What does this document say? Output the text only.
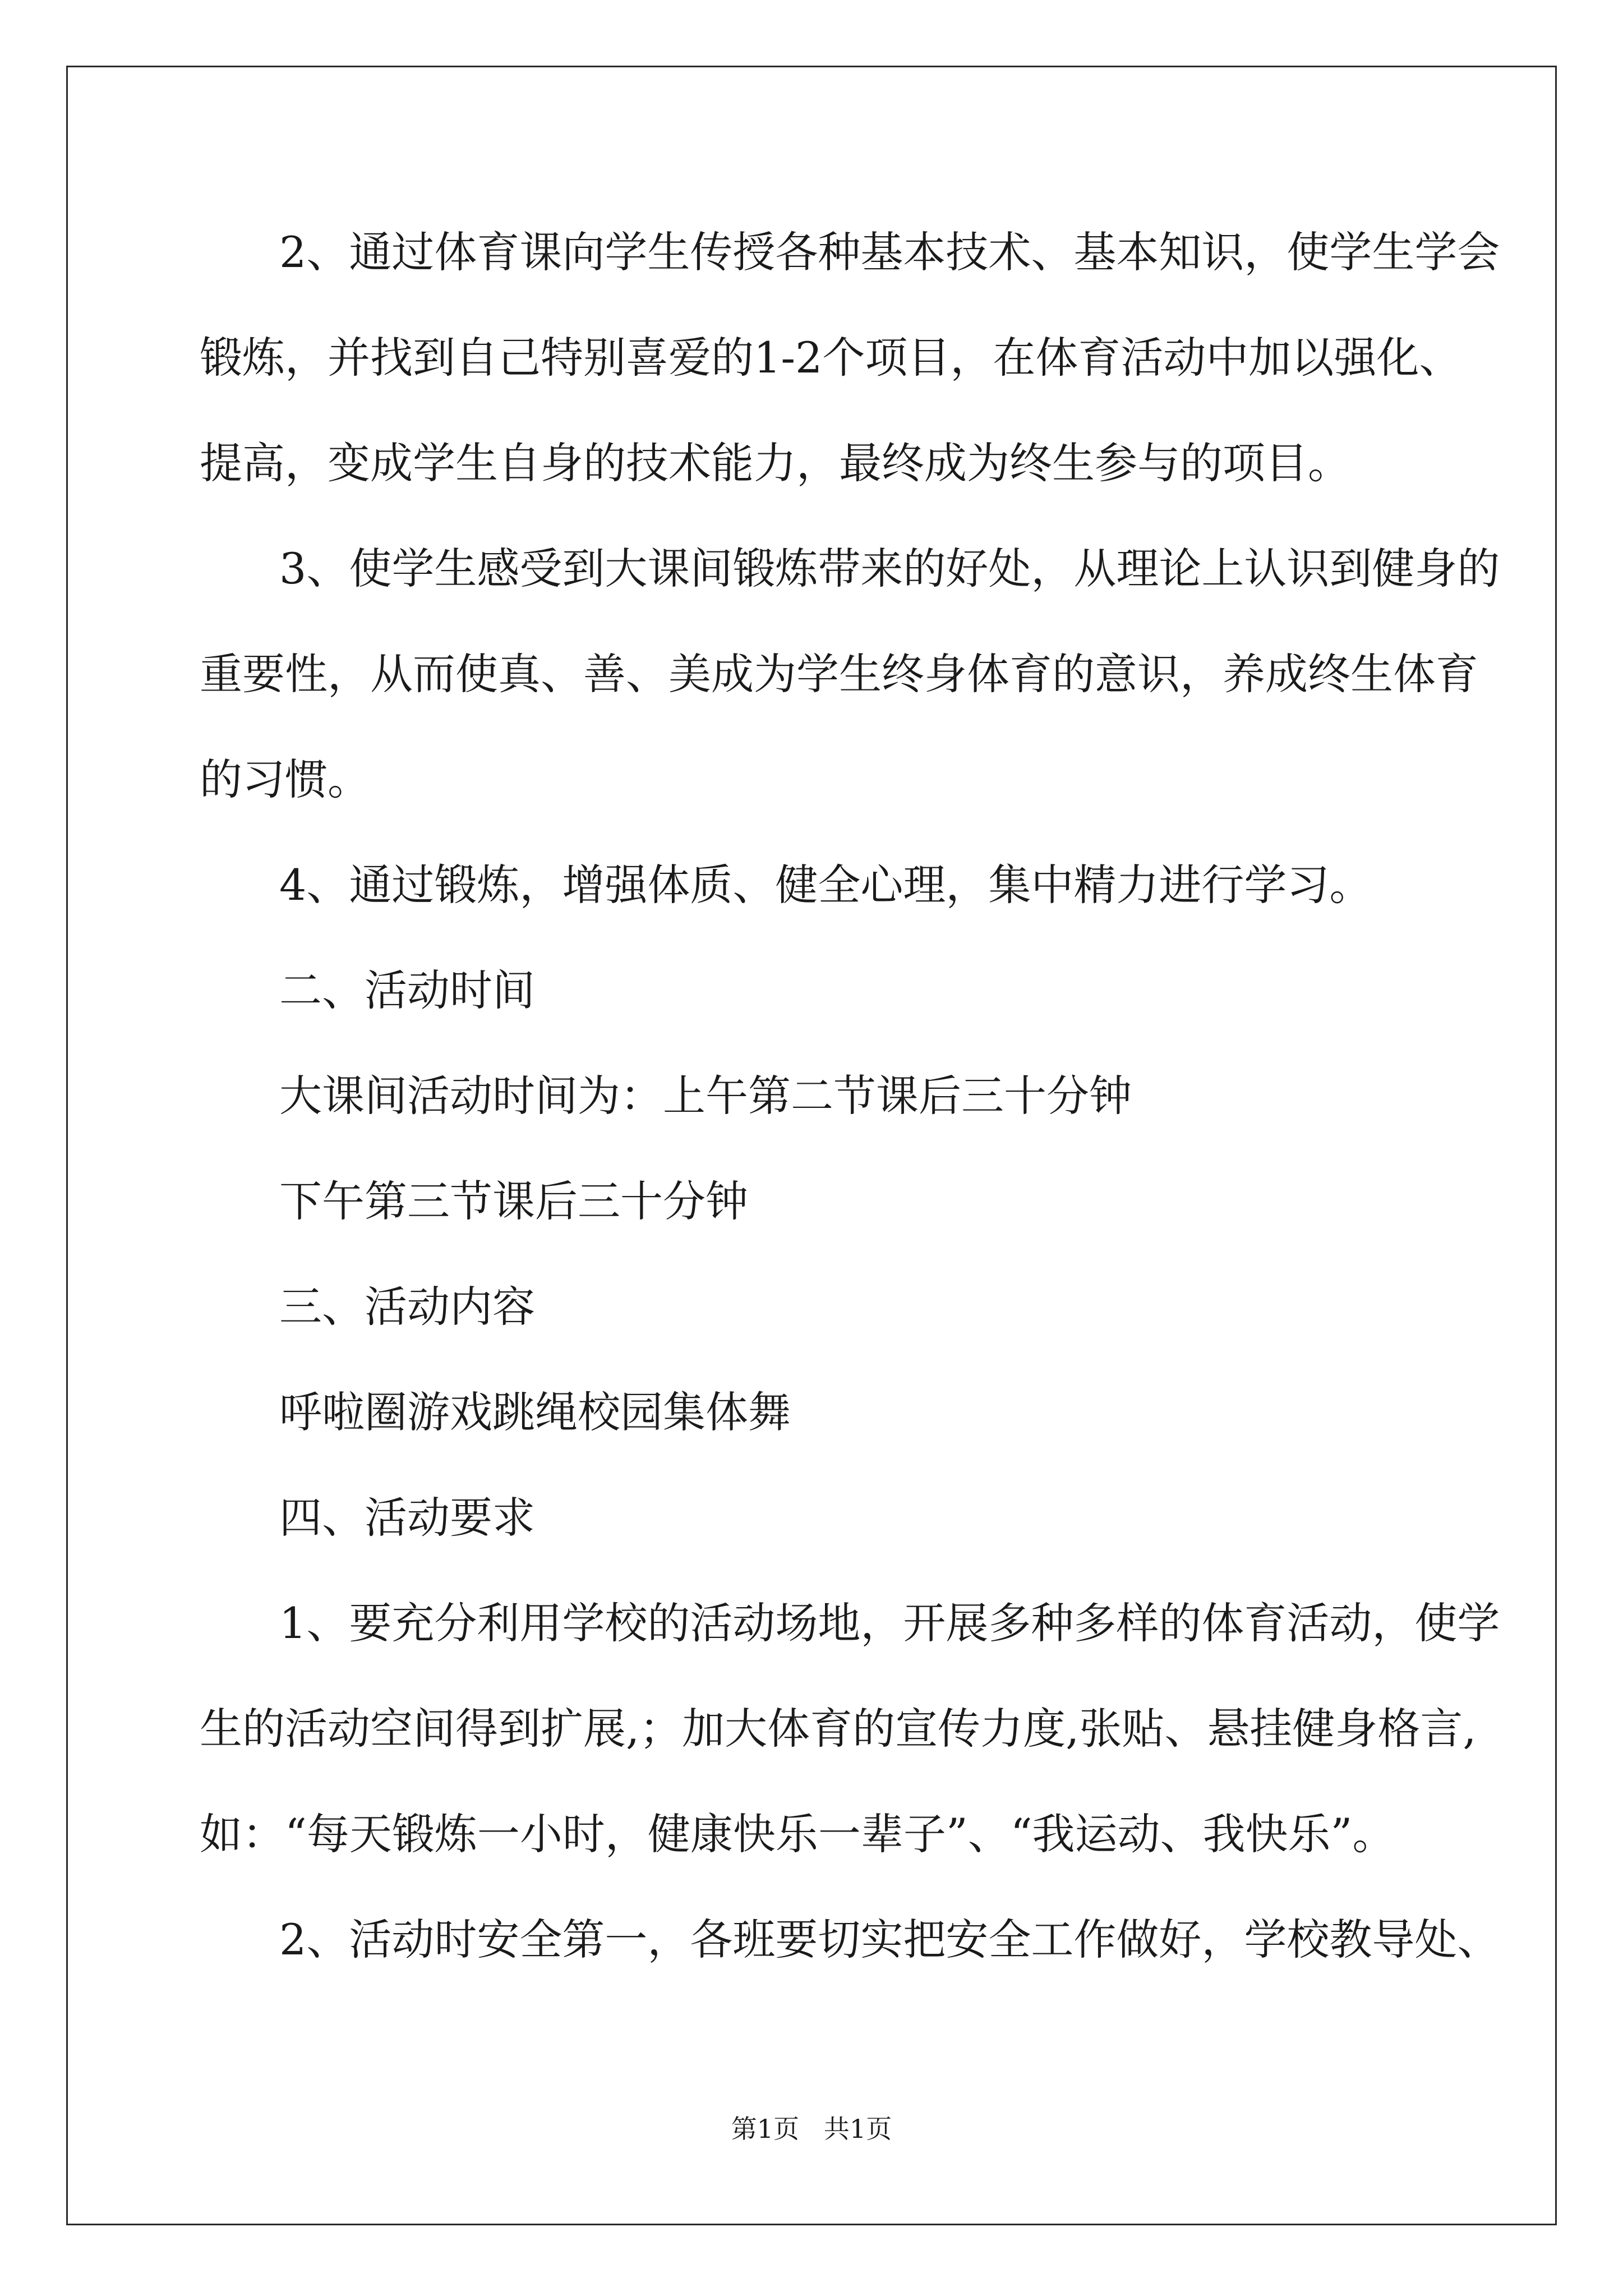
2、通过体育课向学生传授各种基本技术、基本知识，使学生学会
锻炼，并找到自己特别喜爱的1-2个项目，在体育活动中加以强化、
提高，变成学生自身的技术能力，最终成为终生参与的项目。
3、使学生感受到大课间锻炼带来的好处，从理论上认识到健身的
重要性，从而使真、善、美成为学生终身体育的意识，养成终生体育
的习惯。
4、通过锻炼，增强体质、健全心理，集中精力进行学习。
二、活动时间
大课间活动时间为：上午第二节课后三十分钟
下午第三节课后三十分钟
三、活动内容
呼啦圈游戏跳绳校园集体舞
四、活动要求
1、要充分利用学校的活动场地，开展多种多样的体育活动，使学
生的活动空间得到扩展,；加大体育的宣传力度,张贴、悬挂健身格言,
如：“每天锻炼一小时，健康快乐一辈子”、“我运动、我快乐”。
2、活动时安全第一，各班要切实把安全工作做好，学校教导处、
第1页   共1页
